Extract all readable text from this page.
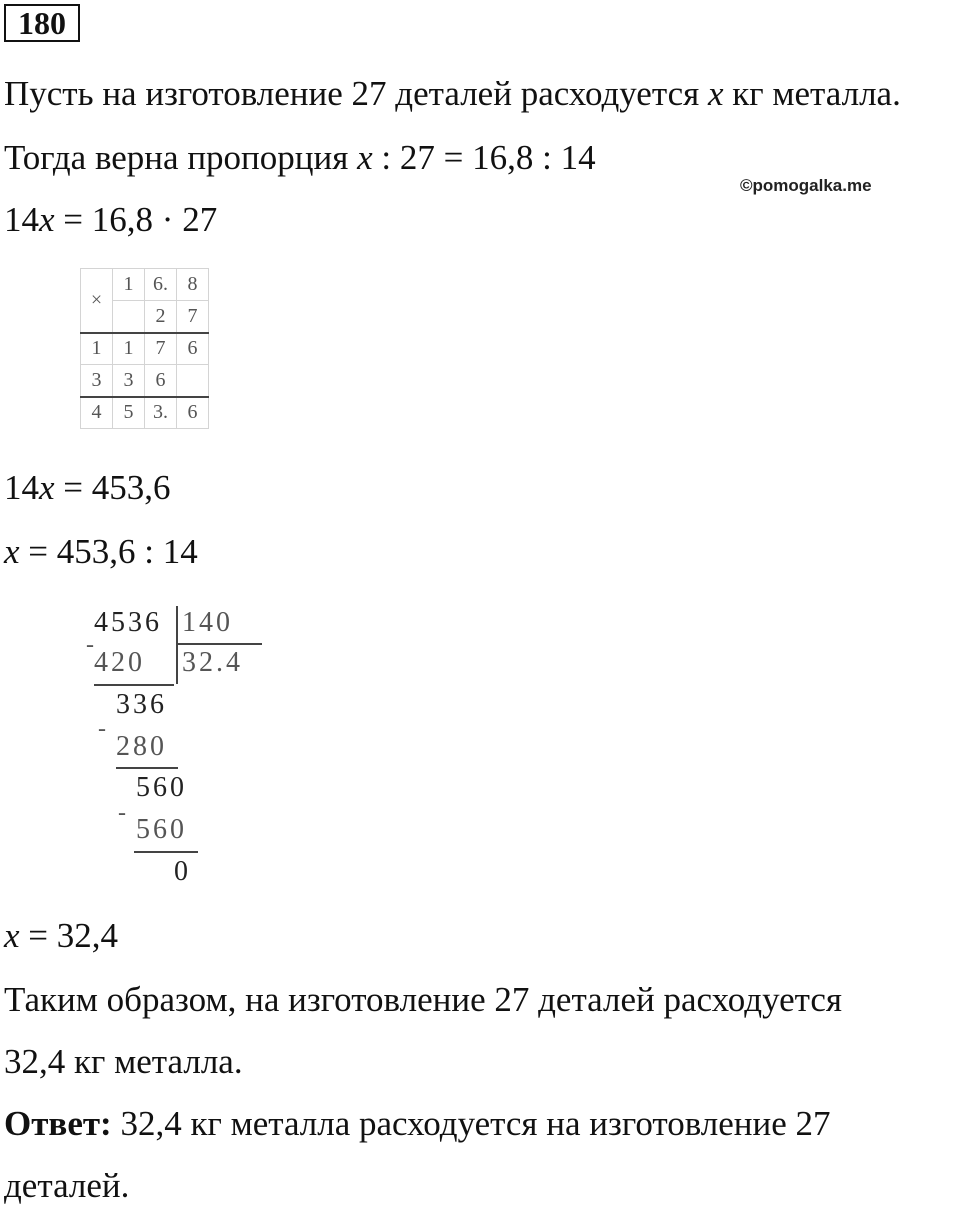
180

Пусть на изготовление 27 деталей расходуется x кг металла.

Тогда верна пропорция x : 27 = 16,8 : 14

©pomogalka.me

14x = 16,8 · 27

×	1	6.	8
		2	7
1	1	7	6
3	3	6	
4	5	3.	6

14x = 453,6

x = 453,6 : 14

4536 140
32.4
-
420
336
-
280
560
-
560
0

x = 32,4

Таким образом, на изготовление 27 деталей расходуется

32,4 кг металла.

Ответ: 32,4 кг металла расходуется на изготовление 27

деталей.
